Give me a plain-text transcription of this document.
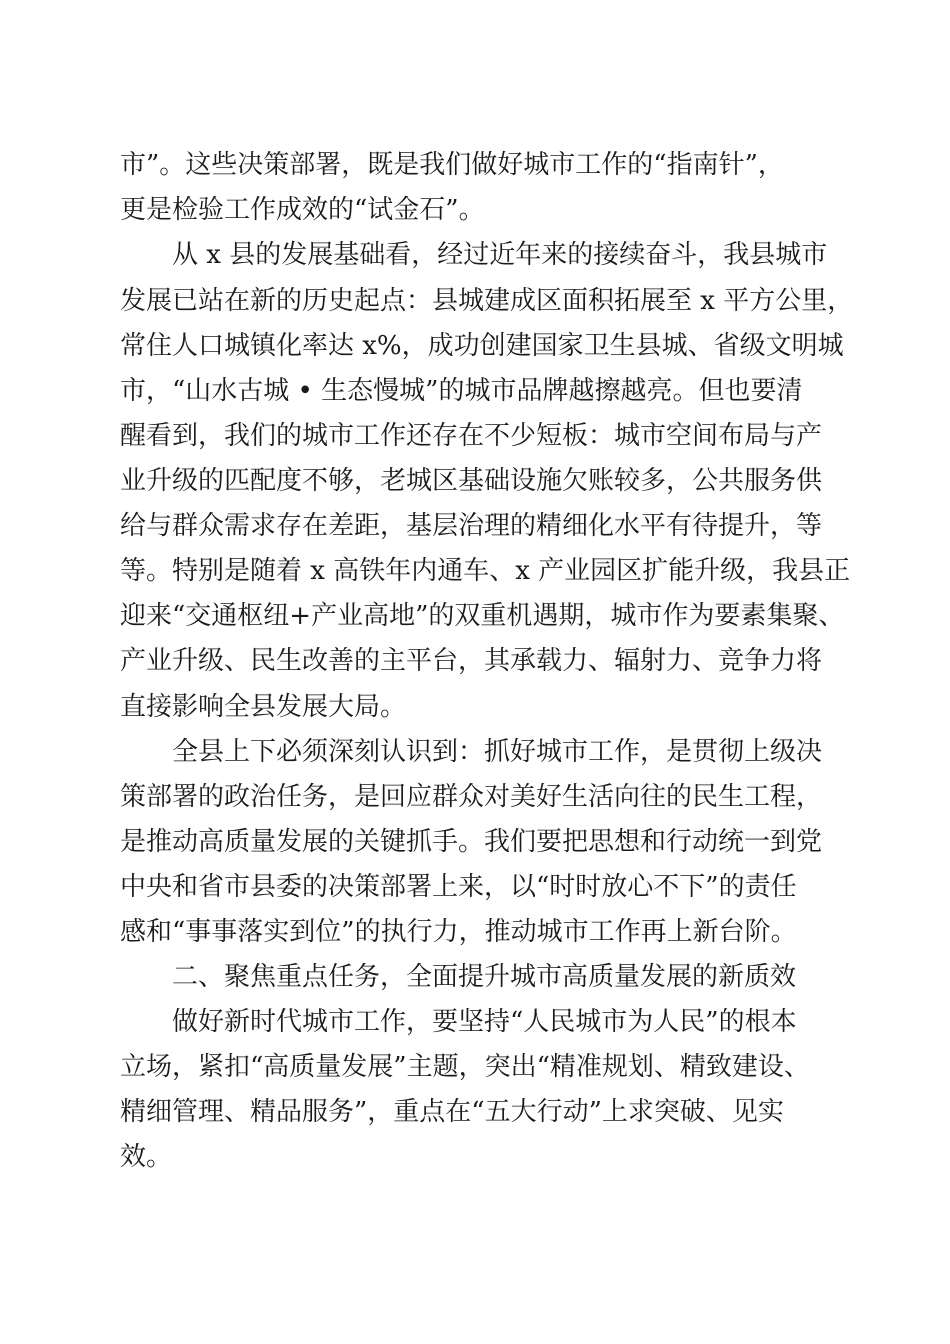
市”。这些决策部署，既是我们做好城市工作的“指南针”，
更是检验工作成效的“试金石”。
从 x 县的发展基础看，经过近年来的接续奋斗，我县城市
发展已站在新的历史起点：县城建成区面积拓展至 x 平方公里，
常住人口城镇化率达 x%，成功创建国家卫生县城、省级文明城
市，“山水古城 • 生态慢城”的城市品牌越擦越亮。但也要清
醒看到，我们的城市工作还存在不少短板：城市空间布局与产
业升级的匹配度不够，老城区基础设施欠账较多，公共服务供
给与群众需求存在差距，基层治理的精细化水平有待提升，等
等。特别是随着 x 高铁年内通车、x 产业园区扩能升级，我县正
迎来“交通枢纽+产业高地”的双重机遇期，城市作为要素集聚、
产业升级、民生改善的主平台，其承载力、辐射力、竞争力将
直接影响全县发展大局。
全县上下必须深刻认识到：抓好城市工作，是贯彻上级决
策部署的政治任务，是回应群众对美好生活向往的民生工程，
是推动高质量发展的关键抓手。我们要把思想和行动统一到党
中央和省市县委的决策部署上来，以“时时放心不下”的责任
感和“事事落实到位”的执行力，推动城市工作再上新台阶。
二、聚焦重点任务，全面提升城市高质量发展的新质效
做好新时代城市工作，要坚持“人民城市为人民”的根本
立场，紧扣“高质量发展”主题，突出“精准规划、精致建设、
精细管理、精品服务”，重点在“五大行动”上求突破、见实
效。
